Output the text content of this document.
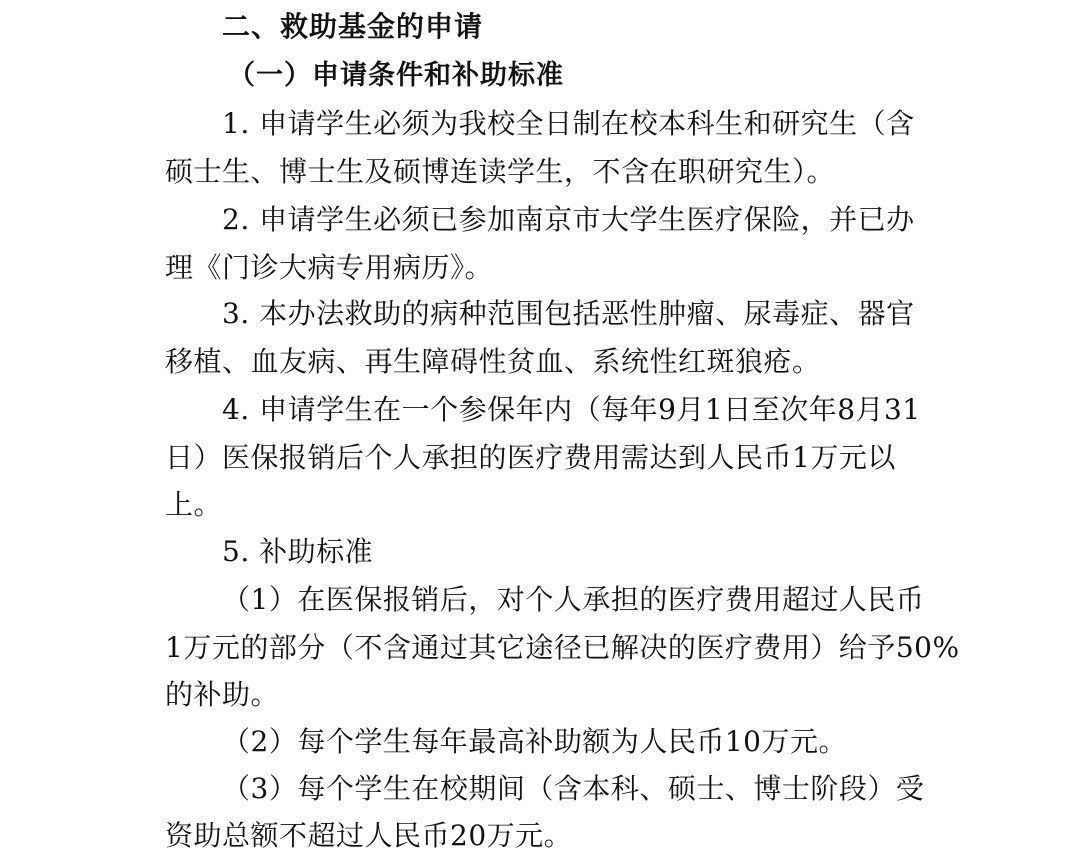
二、救助基金的申请
（一）申请条件和补助标准
1. 申请学生必须为我校全日制在校本科生和研究生（含
硕士生、博士生及硕博连读学生，不含在职研究生）。
2. 申请学生必须已参加南京市大学生医疗保险，并已办
理《门诊大病专用病历》。
3. 本办法救助的病种范围包括恶性肿瘤、尿毒症、器官
移植、血友病、再生障碍性贫血、系统性红斑狼疮。
4. 申请学生在一个参保年内（每年9月1日至次年8月31
日）医保报销后个人承担的医疗费用需达到人民币1万元以
上。
5. 补助标准
（1）在医保报销后，对个人承担的医疗费用超过人民币
1万元的部分（不含通过其它途径已解决的医疗费用）给予50%
的补助。
（2）每个学生每年最高补助额为人民币10万元。
（3）每个学生在校期间（含本科、硕士、博士阶段）受
资助总额不超过人民币20万元。
